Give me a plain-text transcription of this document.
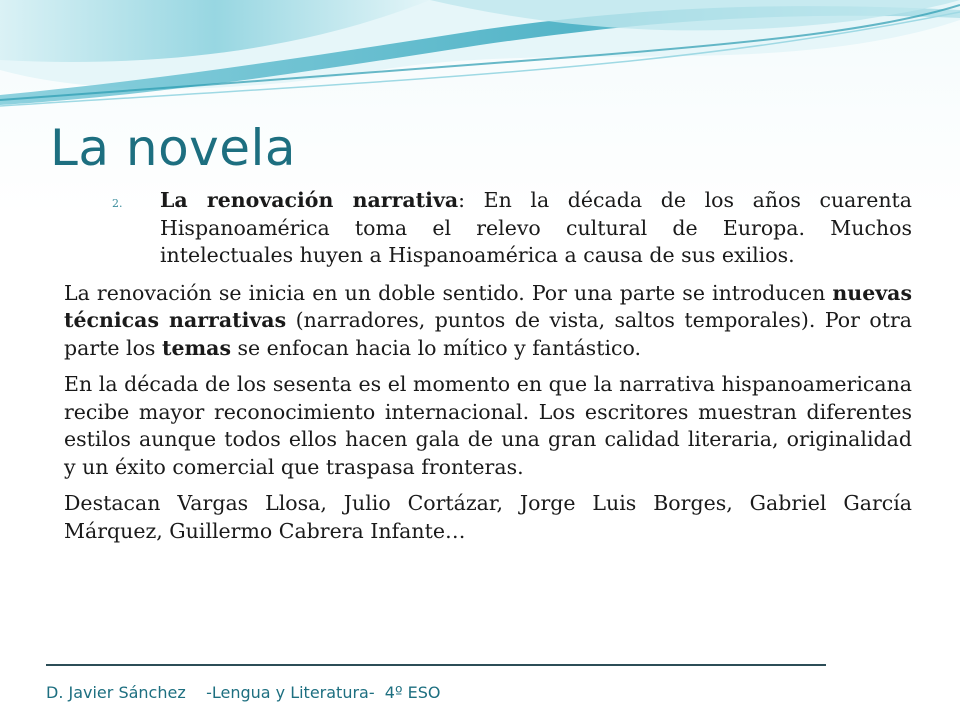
La novela

2. La renovación narrativa: En la década de los años cuarenta Hispanoamérica toma el relevo cultural de Europa. Muchos intelectuales huyen a Hispanoamérica a causa de sus exilios.

La renovación se inicia en un doble sentido. Por una parte se introducen nuevas técnicas narrativas (narradores, puntos de vista, saltos temporales). Por otra parte los temas se enfocan hacia lo mítico y fantástico.

En la década de los sesenta es el momento en que la narrativa hispanoamericana recibe mayor reconocimiento internacional. Los escritores muestran diferentes estilos aunque todos ellos hacen gala de una gran calidad literaria, originalidad y un éxito comercial que traspasa fronteras.

Destacan Vargas Llosa, Julio Cortázar, Jorge Luis Borges, Gabriel García Márquez, Guillermo Cabrera Infante…

D. Javier Sánchez    -Lengua y Literatura-  4º ESO
